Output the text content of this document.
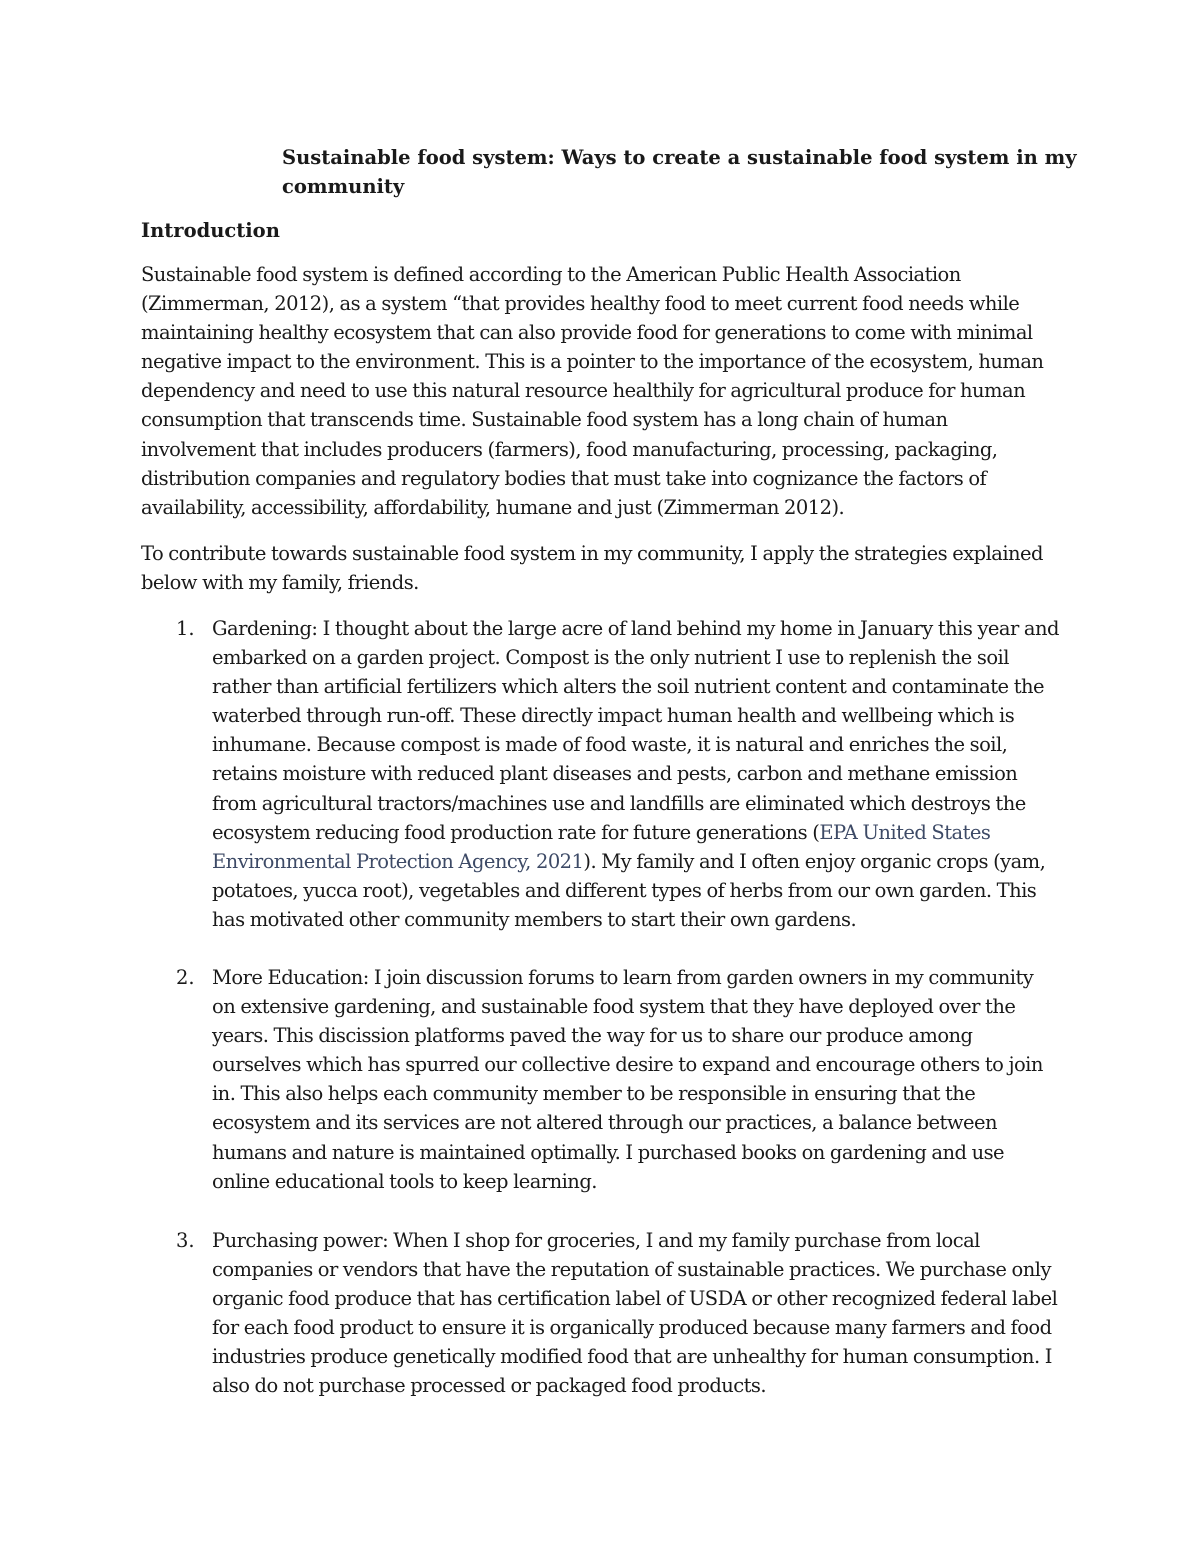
Sustainable food system: Ways to create a sustainable food system in my community
Introduction

Sustainable food system is defined according to the American Public Health Association (Zimmerman, 2012), as a system “that provides healthy food to meet current food needs while maintaining healthy ecosystem that can also provide food for generations to come with minimal negative impact to the environment. This is a pointer to the importance of the ecosystem, human dependency and need to use this natural resource healthily for agricultural produce for human consumption that transcends time. Sustainable food system has a long chain of human involvement that includes producers (farmers), food manufacturing, processing, packaging, distribution companies and regulatory bodies that must take into cognizance the factors of availability, accessibility, affordability, humane and just (Zimmerman 2012).

To contribute towards sustainable food system in my community, I apply the strategies explained below with my family, friends.

1. Gardening: I thought about the large acre of land behind my home in January this year and embarked on a garden project. Compost is the only nutrient I use to replenish the soil rather than artificial fertilizers which alters the soil nutrient content and contaminate the waterbed through run-off. These directly impact human health and wellbeing which is inhumane. Because compost is made of food waste, it is natural and enriches the soil, retains moisture with reduced plant diseases and pests, carbon and methane emission from agricultural tractors/machines use and landfills are eliminated which destroys the ecosystem reducing food production rate for future generations (EPA United States Environmental Protection Agency, 2021). My family and I often enjoy organic crops (yam, potatoes, yucca root), vegetables and different types of herbs from our own garden. This has motivated other community members to start their own gardens.

2. More Education: I join discussion forums to learn from garden owners in my community on extensive gardening, and sustainable food system that they have deployed over the years. This discission platforms paved the way for us to share our produce among ourselves which has spurred our collective desire to expand and encourage others to join in. This also helps each community member to be responsible in ensuring that the ecosystem and its services are not altered through our practices, a balance between humans and nature is maintained optimally. I purchased books on gardening and use online educational tools to keep learning.

3. Purchasing power: When I shop for groceries, I and my family purchase from local companies or vendors that have the reputation of sustainable practices. We purchase only organic food produce that has certification label of USDA or other recognized federal label for each food product to ensure it is organically produced because many farmers and food industries produce genetically modified food that are unhealthy for human consumption. I also do not purchase processed or packaged food products.
